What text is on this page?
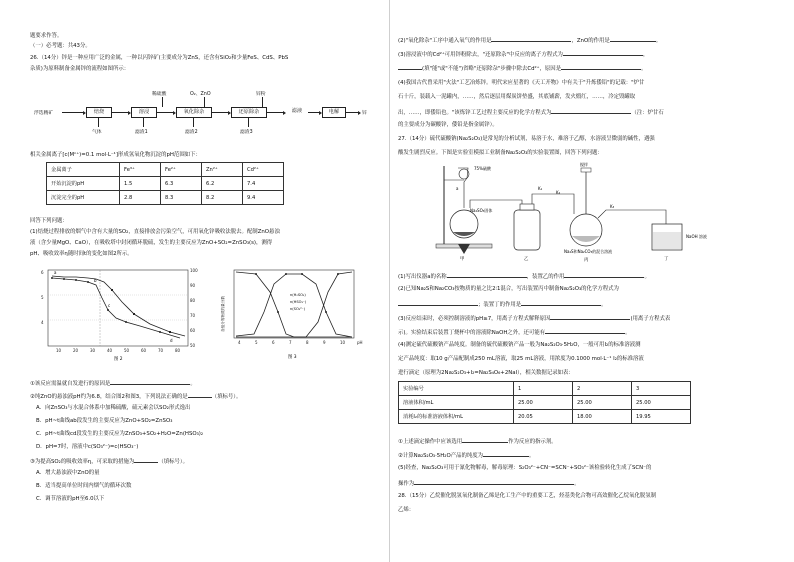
题要求作答。
（一）必考题：共43分。
26.（14分）锌是一种应用广泛的金属，一种以闪锌矿(主要成分为ZnS，还含有SiO₂和少量FeS、CdS、PbS
杂质)为原料制备金属锌的流程如图所示：
稀硫酸	O₂、ZnO	锌粉
浮选精矿	焙烧	溶浸	氧化除杂	还原除杂	滤液	电解	锌
气体	滤渣1	滤渣2	滤渣3
相关金属离子[c(Mⁿ⁺)=0.1 mol·L⁻¹]形成氢氧化物沉淀的pH范围如下：
金属离子	Fe³⁺	Fe²⁺	Zn²⁺	Cd²⁺
开始沉淀的pH	1.5	6.3	6.2	7.4
沉淀完全的pH	2.8	8.3	8.2	9.4
回答下列问题：
(1)焙烧过程排放的烟气中含有大量的SO₂，直接排放会污染空气，可用氧化锌吸收法脱去。配制ZnO悬浊
液（含少量MgO、CaO），在吸收塔中封闭循环脱硫，发生的主要反应为ZnO+SO₂=ZnSO₃(s)，测得
pH、吸收效率η随时间t的变化如图2所示。
a
b
c
d
10	20	30	40	50	60	70	80
6
5
4
100
90
80
70
60
50
图 2
n(H₂SO₃)
n(HSO₃⁻)
n(SO₃²⁻)
各组分的物质的量分数
4	5	6	7	8	9	10	pH
图 3
①该反应需温就自发进行的原因是	。
②纯ZnO的悬浊液pH约为6.8，结合图2和图3，下列说法正确的是	（填标号）。
A．向ZnSO₃与水混合体系中加稀硫酸，硫元素会以SO₂形式逸出
B．pH~t曲线ab段发生的主要反应为ZnO+SO₂=ZnSO₃
C．pH~t曲线cd段发生的主要反应为ZnSO₃+SO₂+H₂O=Zn(HSO₃)₂
D．pH=7时，溶液中c(SO₃²⁻)=c(HSO₃⁻)
③为提高SO₂的吸收效率η，可采取的措施为	（填标号）。
A．增大悬浊液中ZnO的量
B．适当提高单位时间内烟气的循环次数
C．调节溶液的pH至6.0以下
(2)"氧化除杂"工序中通入氧气的作用是	，ZnO的作用是	。
(3)溶浸液中的Cd²⁺可用锌粉除去，"还原除杂"中反应的离子方程式为	，
(填"能"或"不能")省略"还原除杂"步骤中除去Cd²⁺，原因是	。
(4)我国古代曾采用"火法"工艺冶炼锌。明代宋应星著的《天工开物》中有关于"升炼倭铅"的记载："炉甘
石十斤，装载入一泥罐内，……，然后逐层用煤炭饼垫盛，其底铺薪，发火煅红，……，冷定毁罐取
出，……，即倭铅也。"该炼锌工艺过程主要反应的化学方程式为	（注：炉甘石
的主要成分为碳酸锌，倭铅是指金属锌）。
27.（14分）硫代硫酸钠(Na₂S₂O₃)是常见的分析试剂，易溶于水，难溶于乙醇，水溶液呈微弱的碱性，遇强
酸发生剧烈反应。下图是实验室模拟工业制备Na₂S₂O₃的实验装置图，回答下列问题：
75%硫酸
a
Na₂SO₃固体
甲	乙
K₁
K₂
搅拌
Na₂S和Na₂CO₃的混合溶液
丙
K₃
NaOH 溶液
丁
(1)写出仪器a的名称	，装置乙的作用	。
(2)已知Na₂S和Na₂CO₃按物质的量之比2∶1混合，写出装置丙中制备Na₂S₂O₃的化学方程式为
；装置丁的作用是	。
(3)反应结束时，必须控制溶液的pH≥7，用离子方程式解释原因	(用离子方程式表
示)。实验结束后装置丁烧杯中的溶液除NaOH之外，还可能有	。
(4)测定硫代硫酸钠产品纯度。制备的硫代硫酸钠产品一般为Na₂S₂O₃·5H₂O，一般可用I₂的标准溶液测
定产品纯度：取10 g产品配制成250 mL溶液，取25 mL溶液，用浓度为0.1000 mol·L⁻¹ I₂的标准溶液
进行滴定（原理为2Na₂S₂O₃+I₂=Na₂S₄O₆+2NaI），相关数据记录如表：
实验编号	1	2	3
溶液体积/mL	25.00	25.00	25.00
消耗I₂的标准溶液体积/mL	20.05	18.00	19.95
①上述滴定操作中应该选用	作为反应的指示剂。
②计算Na₂S₂O₃·5H₂O产品的纯度为	。
(5)经查，Na₂S₂O₃可用于氰化物解毒，解毒原理：S₂O₃²⁻+CN⁻=SCN⁻+SO₃²⁻该检验转化生成了SCN⁻的
操作为	。
28.（15分）乙烷催化脱氢氧化制备乙烯是化工生产中的重要工艺，烃基类化合物可高效催化乙烷氧化脱氢制
乙烯：
